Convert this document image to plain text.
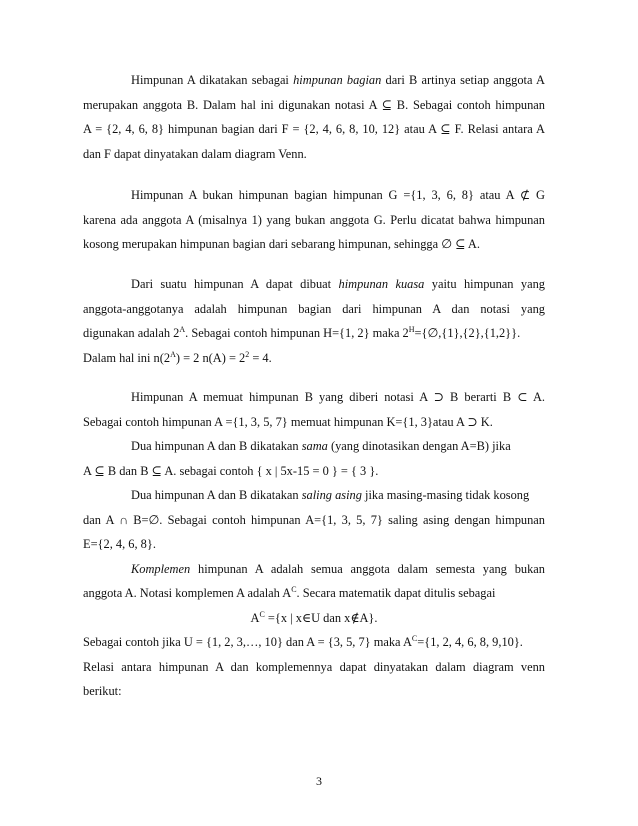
Himpunan A dikatakan sebagai himpunan bagian dari B artinya setiap anggota A
merupakan anggota B. Dalam hal ini digunakan notasi A ⊆ B. Sebagai contoh himpunan
A = {2, 4, 6, 8} himpunan bagian dari F = {2, 4, 6, 8, 10, 12} atau A ⊆ F. Relasi antara A
dan F dapat dinyatakan dalam diagram Venn.
Himpunan A bukan himpunan bagian himpunan G ={1, 3, 6, 8} atau A ⊄ G
karena ada anggota A (misalnya 1) yang bukan anggota G. Perlu dicatat bahwa himpunan
kosong merupakan himpunan bagian dari sebarang himpunan, sehingga ∅ ⊆ A.
Dari suatu himpunan A dapat dibuat himpunan kuasa yaitu himpunan yang
anggota-anggotanya adalah himpunan bagian dari himpunan A dan notasi yang
digunakan adalah $2^A$. Sebagai contoh himpunan H={1, 2} maka $2^H=\{\emptyset,\{1\},\{2\},\{1,2\}\}$.
Dalam hal ini $n(2^A) = 2$ $n(A) = 2^2 = 4$.
Himpunan A memuat himpunan B yang diberi notasi A ⊃ B berarti B ⊂ A.
Sebagai contoh himpunan A ={1, 3, 5, 7} memuat himpunan K={1, 3}atau A ⊃ K.
Dua himpunan A dan B dikatakan sama (yang dinotasikan dengan A=B) jika
A ⊆ B dan B ⊆ A. sebagai contoh { x | 5x-15 = 0 } = { 3 }.
Dua himpunan A dan B dikatakan saling asing jika masing-masing tidak kosong
dan A ∩ B=∅. Sebagai contoh himpunan A={1, 3, 5, 7} saling asing dengan himpunan
E={2, 4, 6, 8}.
Komplemen himpunan A adalah semua anggota dalam semesta yang bukan
anggota A. Notasi komplemen A adalah $A^C$. Secara matematik dapat ditulis sebagai
$A^C =\{x$ | x∈U dan x∉A}.
Sebagai contoh jika U = {1, 2, 3,…, 10} dan A = {3, 5, 7} maka $A^C=\{1$, 2, 4, 6, 8, 9,10}.
Relasi antara himpunan A dan komplemennya dapat dinyatakan dalam diagram venn
berikut:
3
